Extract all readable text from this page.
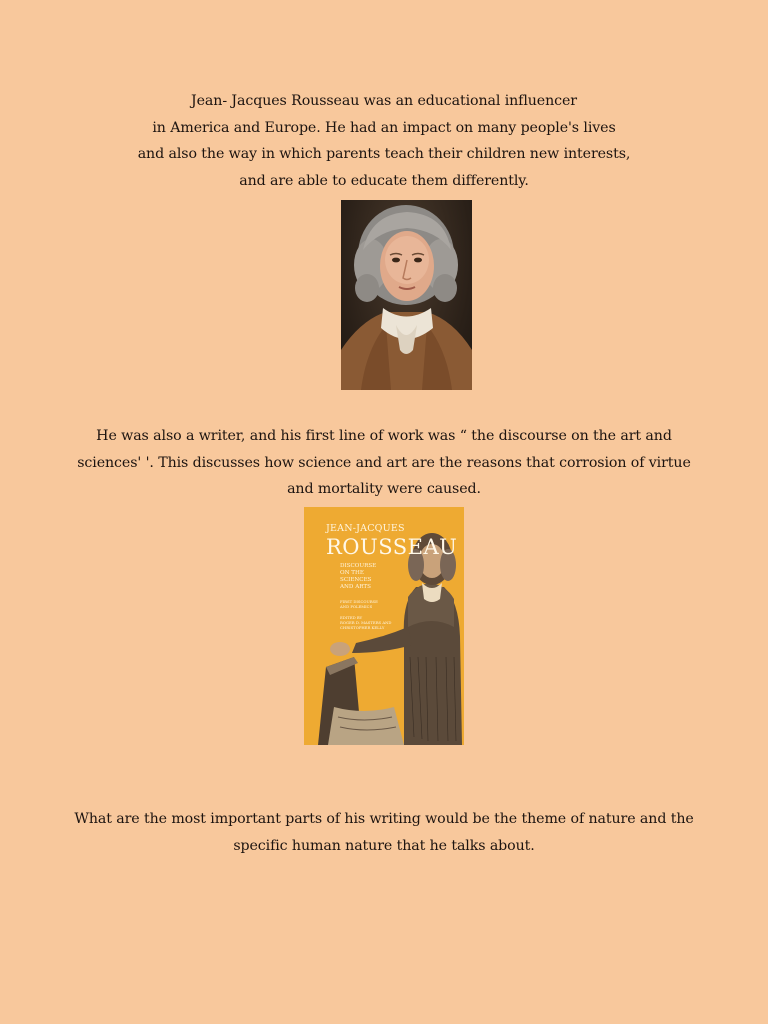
Jean- Jacques Rousseau was an educational influencer
in America and Europe. He had an impact on many people's lives
and also the way in which parents teach their children new interests,
and are able to educate them differently.
He was also a writer, and his first line of work was “ the discourse on the art and
sciences' '. This discusses how science and art are the reasons that corrosion of virtue
and mortality were caused.
JEAN-JACQUES
ROUSSEAU
DISCOURSE
ON THE
SCIENCES
AND ARTS
FIRST DISCOURSE
AND POLEMICS
EDITED BY
ROGER D. MASTERS AND
CHRISTOPHER KELLY
What are the most important parts of his writing would be the theme of nature and the
specific human nature that he talks about.
